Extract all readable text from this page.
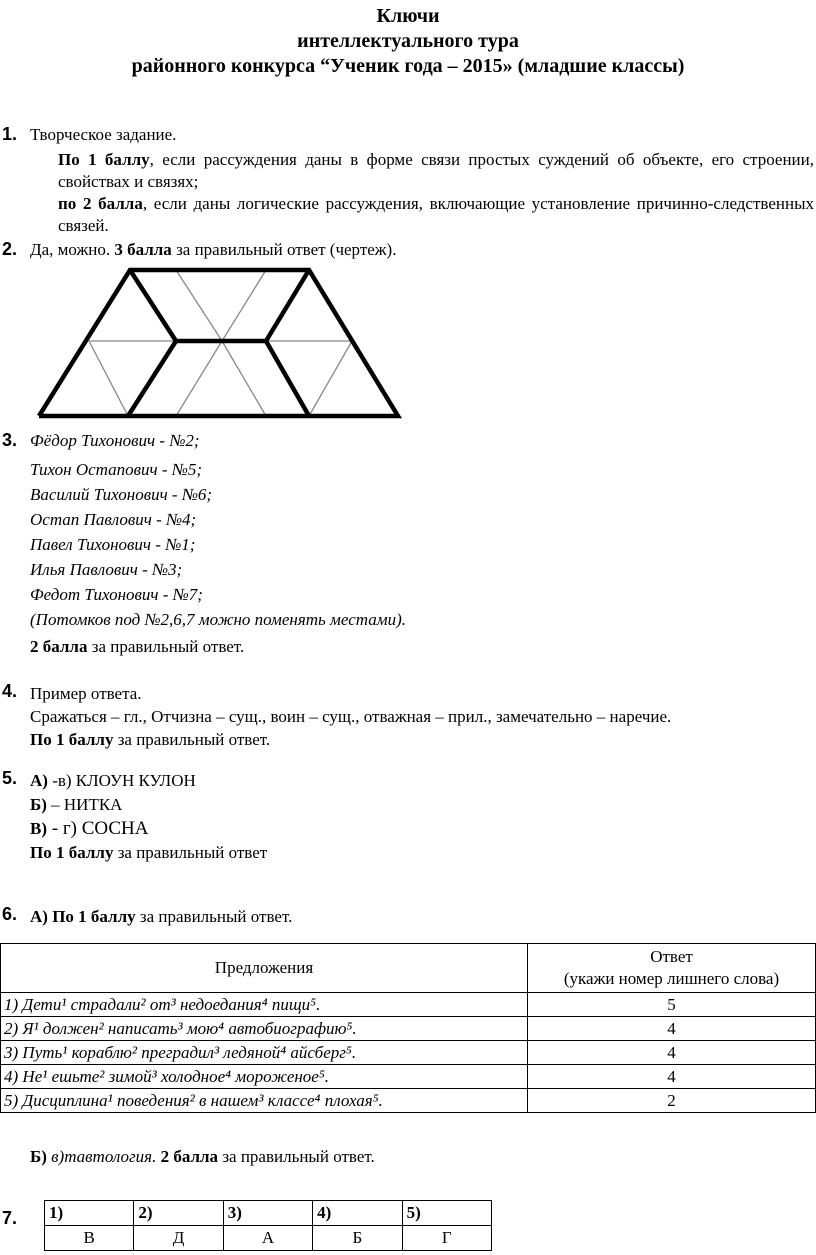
Ключи
интеллектуального тура
районного конкурса “Ученик года – 2015» (младшие классы)
1. Творческое задание.
По 1 баллу, если рассуждения даны в форме связи простых суждений об объекте, его строении, свойствах и связях;
по 2 балла, если даны логические рассуждения, включающие установление причинно-следственных связей.
2. Да, можно. 3 балла за правильный ответ (чертеж).
3. Фёдор Тихонович - №2;
Тихон Остапович - №5;
Василий Тихонович - №6;
Остап Павлович - №4;
Павел Тихонович - №1;
Илья Павлович - №3;
Федот Тихонович - №7;
(Потомков под №2,6,7 можно поменять местами).
2 балла за правильный ответ.
4. Пример ответа.
Сражаться – гл., Отчизна – сущ., воин – сущ., отважная – прил., замечательно – наречие.
По 1 баллу за правильный ответ.
5. А) -в) КЛОУН КУЛОН
Б) – НИТКА
В) - г) СОСНА
По 1 баллу за правильный ответ
6. А) По 1 баллу за правильный ответ.
Предложения	Ответ
(укажи номер лишнего слова)

1) Дети¹ страдали² от³ недоедания⁴ пищи⁵.	5
2) Я¹ должен² написать³ мою⁴ автобиографию⁵.	4
3) Путь¹ кораблю² преградил³ ледяной⁴ айсберг⁵.	4
4) Не¹ ешьте² зимой³ холодное⁴ мороженое⁵.	4
5) Дисциплина¹ поведения² в нашем³ классе⁴ плохая⁵.	2
Б) в)тавтология. 2 балла за правильный ответ.
7. 1)	2)	3)	4)	5)
В	Д	А	Б	Г
